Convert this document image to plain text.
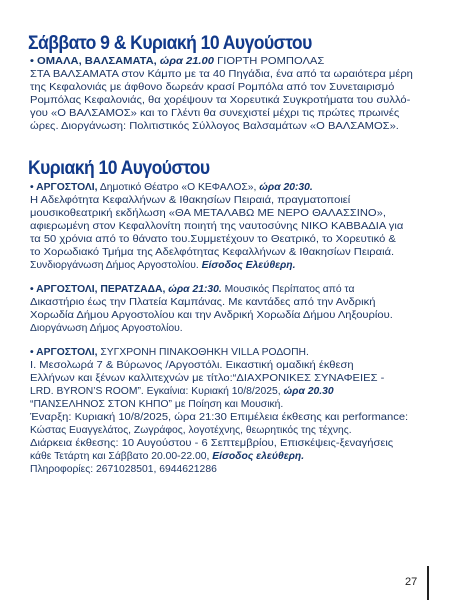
Σάββατο 9 & Κυριακή 10 Αυγούστου
Κυριακή 10 Αυγούστου
• ΟΜΑΛΑ, ΒΑΛΣΑΜΑΤΑ, ώρα 21.00 ΓΙΟΡΤΗ ΡΟΜΠΟΛΑΣ
ΣΤΑ ΒΑΛΣΑΜΑΤΑ στον Κάμπο με τα 40 Πηγάδια, ένα από τα ωραιότερα μέρη
της Κεφαλονιάς με άφθονο δωρεάν κρασί Ρομπόλα από τον Συνεταιρισμό
Ρομπόλας Κεφαλονιάς, θα χορέψουν τα Χορευτικά Συγκροτήματα του συλλό-
γου «Ο ΒΑΛΣΑΜΟΣ» και το Γλέντι θα συνεχιστεί μέχρι τις πρώτες πρωινές
ώρες. Διοργάνωση: Πολιτιστικός Σύλλογος Βαλσαμάτων «Ο ΒΑΛΣΑΜΟΣ».
• ΑΡΓΟΣΤΟΛΙ, Δημοτικό Θέατρο «Ο ΚΕΦΑΛΟΣ», ώρα 20:30.
Η Αδελφότητα Κεφαλλήνων & Ιθακησίων Πειραιά, πραγματοποιεί
μουσικοθεατρική εκδήλωση «ΘΑ ΜΕΤΑΛΑΒΩ ΜΕ ΝΕΡΟ ΘΑΛΑΣΣΙΝΟ»,
αφιερωμένη στον Κεφαλλονίτη ποιητή της ναυτοσύνης ΝΙΚΟ ΚΑΒΒΑΔΙΑ για
τα 50 χρόνια από το θάνατο του.Συμμετέχουν το Θεατρικό, το Χορευτικό &
το Χορωδιακό Τμήμα της Αδελφότητας Κεφαλλήνων & Ιθακησίων Πειραιά.
Συνδιοργάνωση Δήμος Αργοστολίου. Είσοδος Ελεύθερη.
• ΑΡΓΟΣΤΟΛΙ, ΠΕΡΑΤΖΑΔΑ, ώρα 21:30. Μουσικός Περίπατος από τα
Δικαστήριο έως την Πλατεία Καμπάνας. Με καντάδες από την Ανδρική
Χορωδία Δήμου Αργοστολίου και την Ανδρική Χορωδία Δήμου Ληξουρίου.
Διοργάνωση Δήμος Αργοστολίου.
• ΑΡΓΟΣΤΟΛΙ, ΣΥΓΧΡΟΝΗ ΠΙΝΑΚΟΘΗΚΗ VILLA ΡΟΔΟΠΗ.
Ι. Μεσολωρά 7 & Βύρωνος /Αργοστόλι. Εικαστική ομαδική έκθεση
Ελλήνων και ξένων καλλιτεχνών με τίτλο:“ΔΙΑΧΡΟΝΙΚΕΣ ΣΥΝΑΦΕΙΕΣ -
LRD. BYRON’S ROOM”. Εγκαίνια: Κυριακή 10/8/2025, ώρα 20.30
“ΠΑΝΣΕΛΗΝΟΣ ΣΤΟΝ ΚΗΠΟ” με Ποίηση και Μουσική.
Έναρξη: Κυριακή 10/8/2025, ώρα 21:30 Επιμέλεια έκθεσης και performance:
Κώστας Ευαγγελάτος, Ζωγράφος, λογοτέχνης, θεωρητικός της τέχνης.
Διάρκεια έκθεσης: 10 Αυγούστου - 6 Σεπτεμβρίου, Επισκέψεις-ξεναγήσεις
κάθε Τετάρτη και Σάββατο 20.00-22.00, Είσοδος ελεύθερη.
Πληροφορίες: 2671028501, 6944621286
27
